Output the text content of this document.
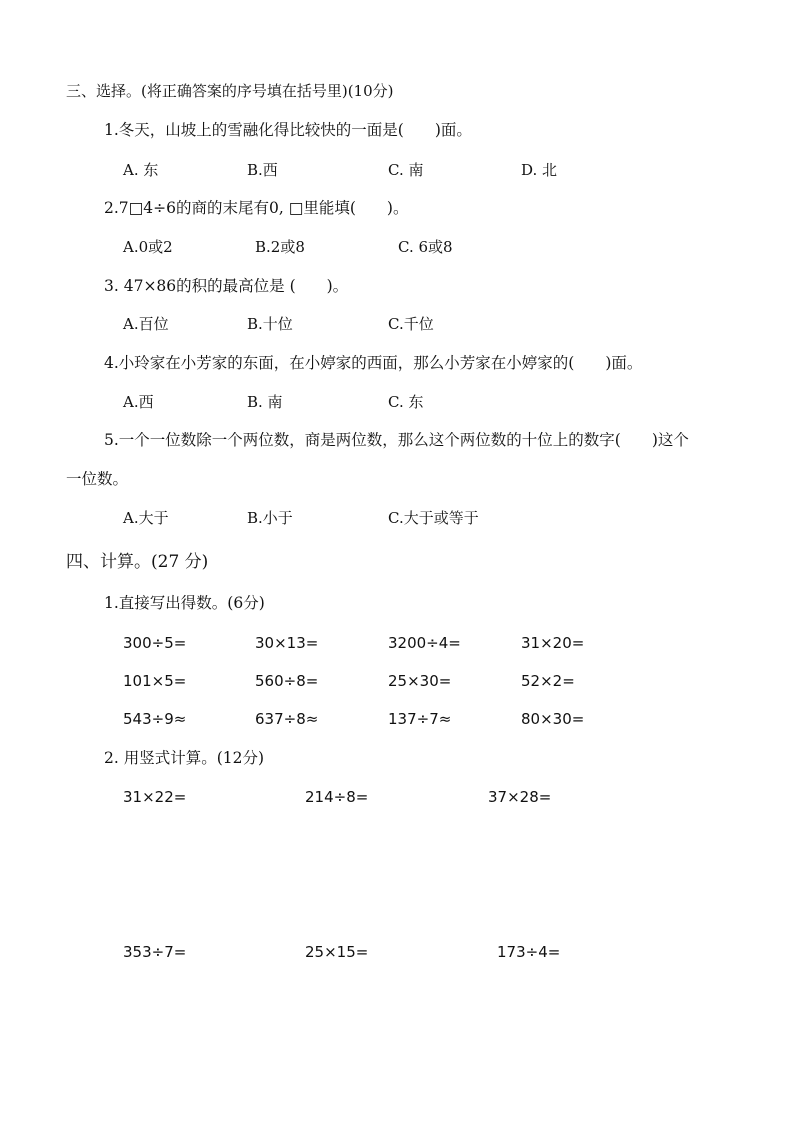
三、选择。(将正确答案的序号填在括号里)(10分)
1.冬天，山坡上的雪融化得比较快的一面是(　　)面。
A. 东	B.西	C. 南	D. 北
2.7□4÷6的商的末尾有0, □里能填(　　)。
A.0或2	B.2或8	C. 6或8
3. 47×86的积的最高位是 (　　)。
A.百位	B.十位	C.千位
4.小玲家在小芳家的东面，在小婷家的西面，那么小芳家在小婷家的(　　)面。
A.西	B. 南	C. 东
5.一个一位数除一个两位数，商是两位数，那么这个两位数的十位上的数字(　　)这个
一位数。
A.大于	B.小于	C.大于或等于
四、计算。(27 分)
1.直接写出得数。(6分)
300÷5=	30×13=	3200÷4=	31×20=
101×5=	560÷8=	25×30=	52×2=
543÷9≈	637÷8≈	137÷7≈	80×30=
2. 用竖式计算。(12分)
31×22=	214÷8=	37×28=
353÷7=	25×15=	173÷4=
